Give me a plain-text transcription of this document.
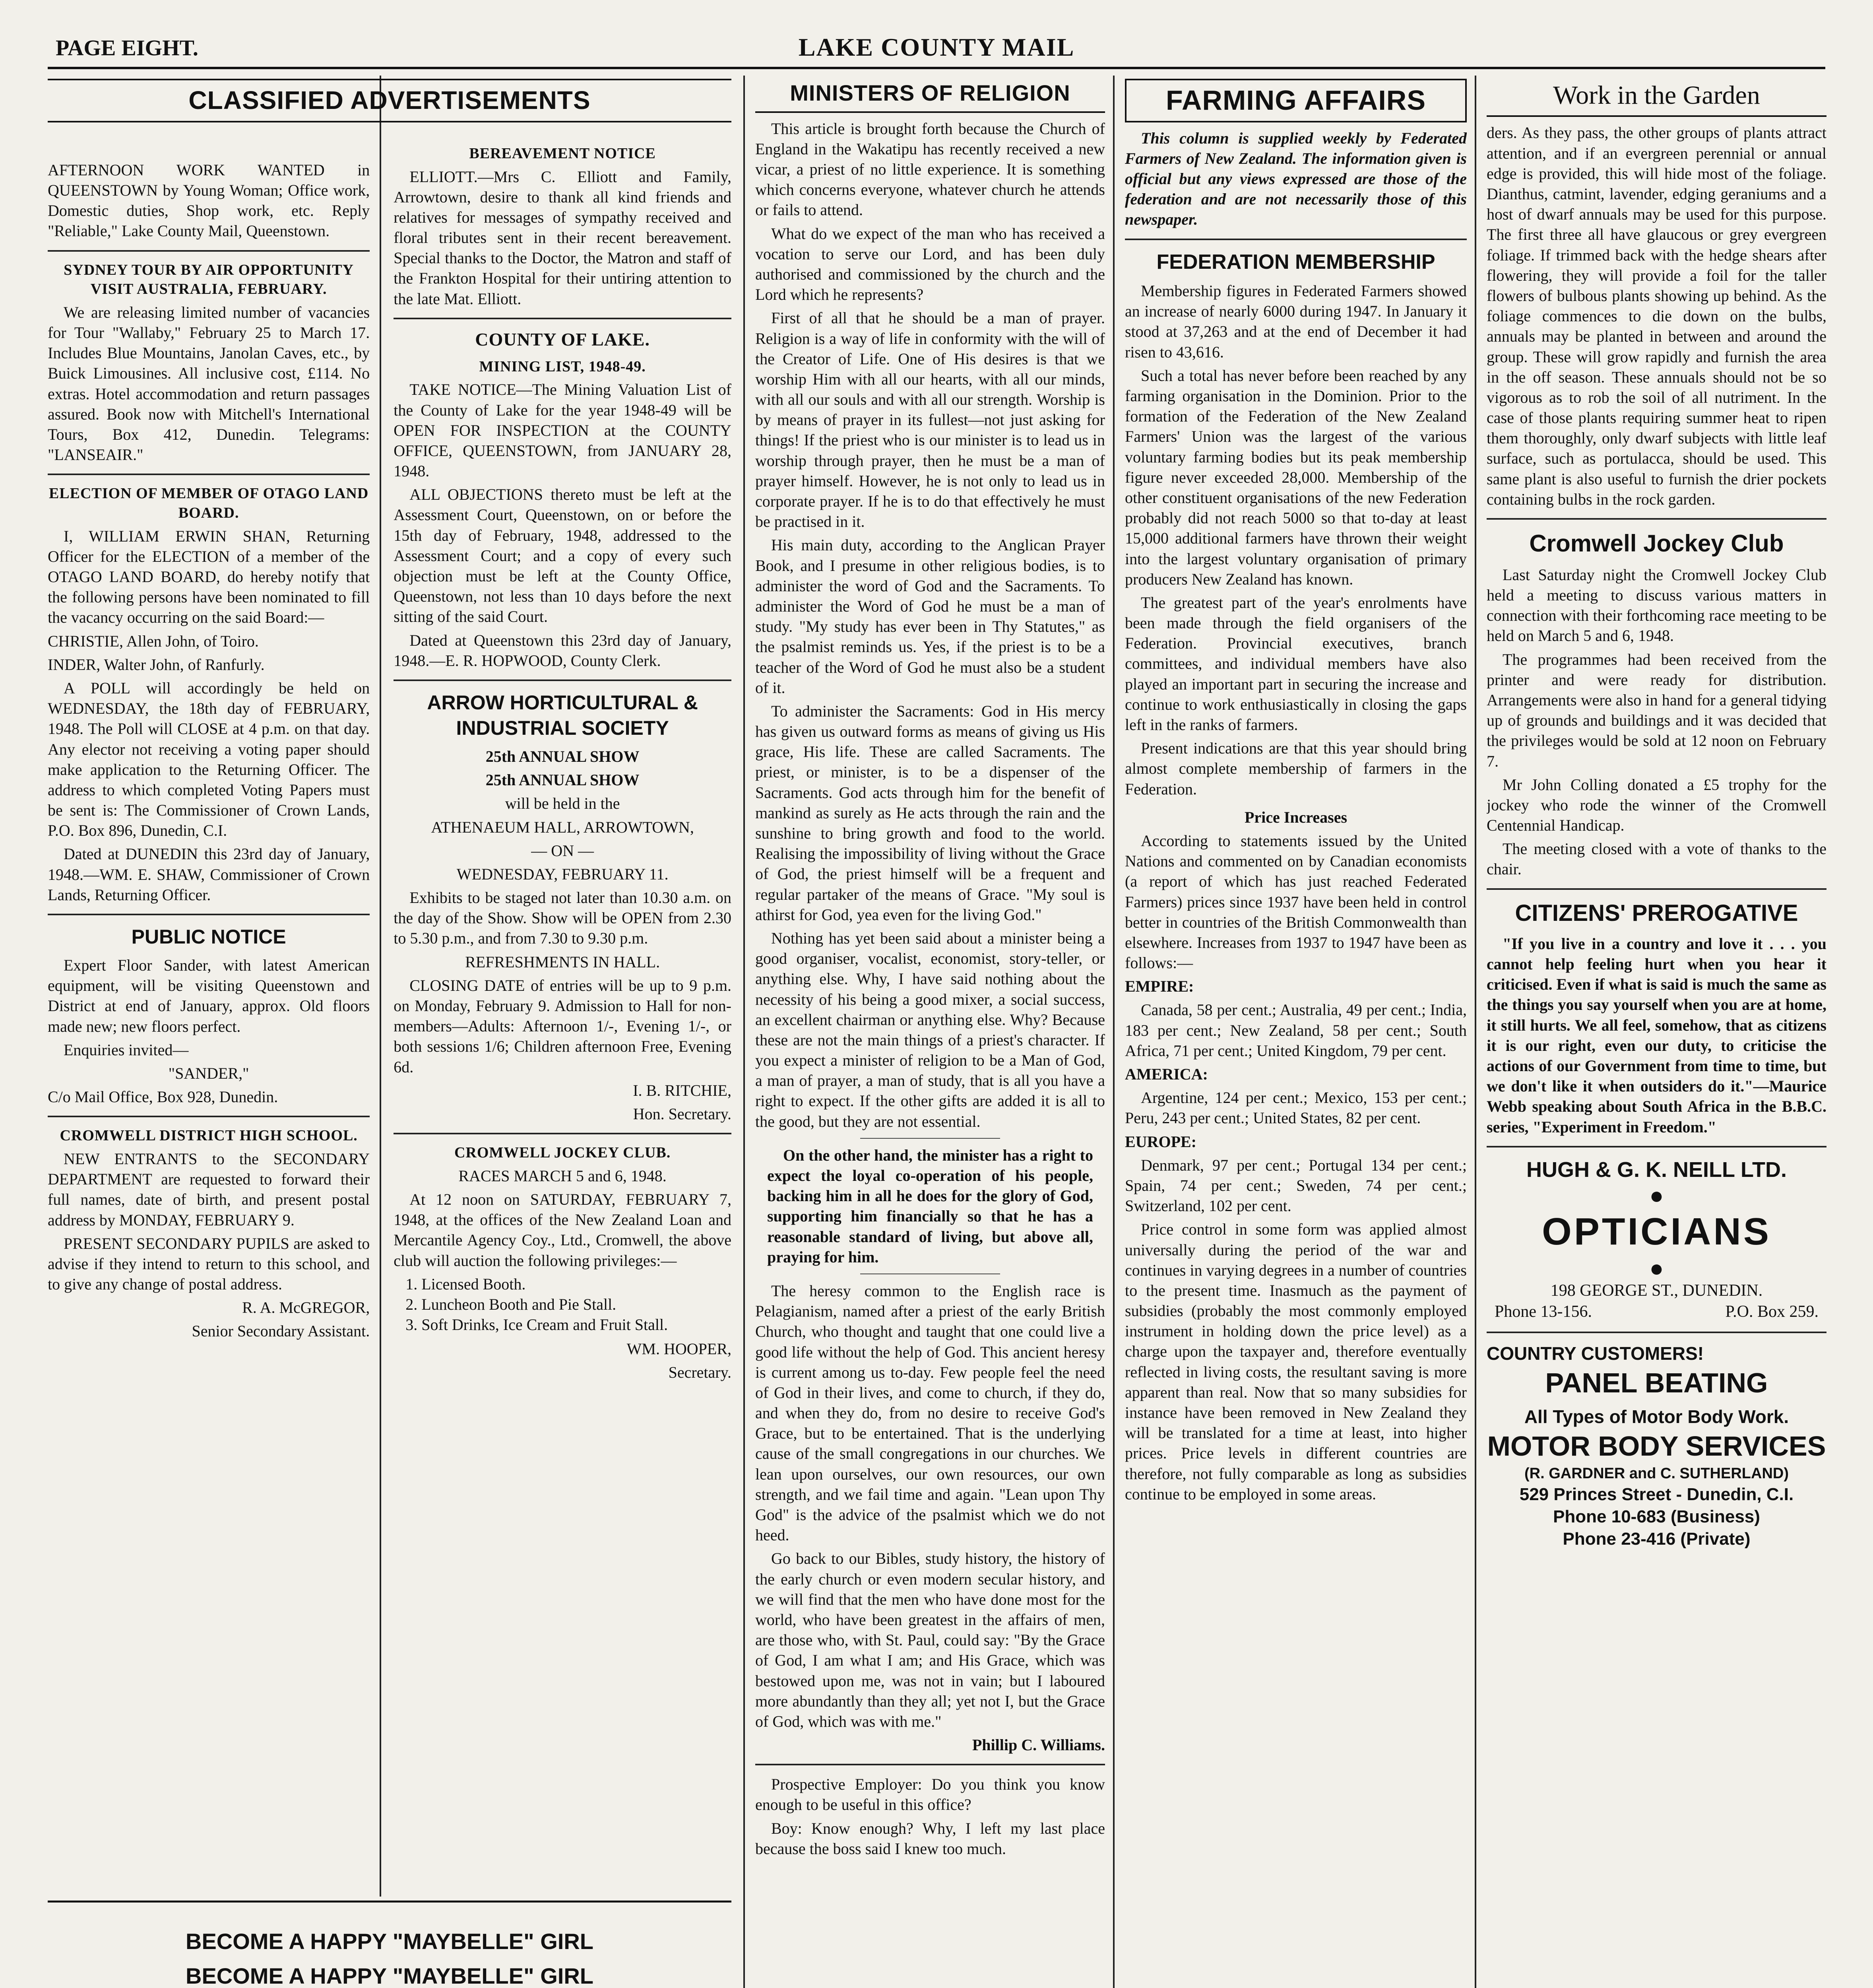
PAGE EIGHT.	LAKE COUNTY MAIL
CLASSIFIED ADVERTISEMENTS

AFTERNOON WORK WANTED in QUEENSTOWN by Young Woman; Office work, Domestic duties, Shop work, etc. Reply "Reliable," Lake County Mail, Queenstown.

SYDNEY TOUR BY AIR OPPORTUNITY VISIT AUSTRALIA, FEBRUARY.

We are releasing limited number of vacancies for Tour "Wallaby," February 25 to March 17. Includes Blue Mountains, Janolan Caves, etc., by Buick Limousines. All inclusive cost, £114. No extras. Hotel accommodation and return passages assured. Book now with Mitchell's International Tours, Box 412, Dunedin. Telegrams: "LANSEAIR."

ELECTION OF MEMBER OF OTAGO LAND BOARD.

I, WILLIAM ERWIN SHAN, Returning Officer for the ELECTION of a member of the OTAGO LAND BOARD, do hereby notify that the following persons have been nominated to fill the vacancy occurring on the said Board:—

CHRISTIE, Allen John, of Toiro.

INDER, Walter John, of Ranfurly.

A POLL will accordingly be held on WEDNESDAY, the 18th day of FEBRUARY, 1948. The Poll will CLOSE at 4 p.m. on that day. Any elector not receiving a voting paper should make application to the Returning Officer. The address to which completed Voting Papers must be sent is: The Commissioner of Crown Lands, P.O. Box 896, Dunedin, C.I.

Dated at DUNEDIN this 23rd day of January, 1948.—WM. E. SHAW, Commissioner of Crown Lands, Returning Officer.

PUBLIC NOTICE

Expert Floor Sander, with latest American equipment, will be visiting Queenstown and District at end of January, approx. Old floors made new; new floors perfect.

Enquiries invited—

"SANDER,"

C/o Mail Office, Box 928, Dunedin.

CROMWELL DISTRICT HIGH SCHOOL.

NEW ENTRANTS to the SECONDARY DEPARTMENT are requested to forward their full names, date of birth, and present postal address by MONDAY, FEBRUARY 9.

PRESENT SECONDARY PUPILS are asked to advise if they intend to return to this school, and to give any change of postal address.

R. A. McGREGOR,

Senior Secondary Assistant.

BEREAVEMENT NOTICE

ELLIOTT.—Mrs C. Elliott and Family, Arrowtown, desire to thank all kind friends and relatives for messages of sympathy received and floral tributes sent in their recent bereavement. Special thanks to the Doctor, the Matron and staff of the Frankton Hospital for their untiring attention to the late Mat. Elliott.

COUNTY OF LAKE.
MINING LIST, 1948-49.

TAKE NOTICE—The Mining Valuation List of the County of Lake for the year 1948-49 will be OPEN FOR INSPECTION at the COUNTY OFFICE, QUEENSTOWN, from JANUARY 28, 1948.

ALL OBJECTIONS thereto must be left at the Assessment Court, Queenstown, on or before the 15th day of February, 1948, addressed to the Assessment Court; and a copy of every such objection must be left at the County Office, Queenstown, not less than 10 days before the next sitting of the said Court.

Dated at Queenstown this 23rd day of January, 1948.—E. R. HOPWOOD, County Clerk.

ARROW HORTICULTURAL & INDUSTRIAL SOCIETY

25th ANNUAL SHOW

25th ANNUAL SHOW

will be held in the

ATHENAEUM HALL, ARROWTOWN,

— ON —

WEDNESDAY, FEBRUARY 11.

Exhibits to be staged not later than 10.30 a.m. on the day of the Show. Show will be OPEN from 2.30 to 5.30 p.m., and from 7.30 to 9.30 p.m.

REFRESHMENTS IN HALL.

CLOSING DATE of entries will be up to 9 p.m. on Monday, February 9. Admission to Hall for non-members—Adults: Afternoon 1/-, Evening 1/-, or both sessions 1/6; Children afternoon Free, Evening 6d.

I. B. RITCHIE,

Hon. Secretary.

CROMWELL JOCKEY CLUB.

RACES MARCH 5 and 6, 1948.

At 12 noon on SATURDAY, FEBRUARY 7, 1948, at the offices of the New Zealand Loan and Mercantile Agency Coy., Ltd., Cromwell, the above club will auction the following privileges:—

1. Licensed Booth.
2. Luncheon Booth and Pie Stall.
3. Soft Drinks, Ice Cream and Fruit Stall.

WM. HOOPER,

Secretary.

BECOME A HAPPY "MAYBELLE" GIRL
BECOME A HAPPY "MAYBELLE" GIRL

MINISTERS OF RELIGION

This article is brought forth because the Church of England in the Wakatipu has recently received a new vicar, a priest of no little experience. It is something which concerns everyone, whatever church he attends or fails to attend.

What do we expect of the man who has received a vocation to serve our Lord, and has been duly authorised and commissioned by the church and the Lord which he represents?

First of all that he should be a man of prayer. Religion is a way of life in conformity with the will of the Creator of Life. One of His desires is that we worship Him with all our hearts, with all our minds, with all our souls and with all our strength. Worship is by means of prayer in its fullest—not just asking for things! If the priest who is our minister is to lead us in worship through prayer, then he must be a man of prayer himself. However, he is not only to lead us in corporate prayer. If he is to do that effectively he must be practised in it.

His main duty, according to the Anglican Prayer Book, and I presume in other religious bodies, is to administer the word of God and the Sacraments. To administer the Word of God he must be a man of study. "My study has ever been in Thy Statutes," as the psalmist reminds us. Yes, if the priest is to be a teacher of the Word of God he must also be a student of it.

To administer the Sacraments: God in His mercy has given us outward forms as means of giving us His grace, His life. These are called Sacraments. The priest, or minister, is to be a dispenser of the Sacraments. God acts through him for the benefit of mankind as surely as He acts through the rain and the sunshine to bring growth and food to the world. Realising the impossibility of living without the Grace of God, the priest himself will be a frequent and regular partaker of the means of Grace. "My soul is athirst for God, yea even for the living God."

Nothing has yet been said about a minister being a good organiser, vocalist, economist, story-teller, or anything else. Why, I have said nothing about the necessity of his being a good mixer, a social success, an excellent chairman or anything else. Why? Because these are not the main things of a priest's character. If you expect a minister of religion to be a Man of God, a man of prayer, a man of study, that is all you have a right to expect. If the other gifts are added it is all to the good, but they are not essential.

On the other hand, the minister has a right to expect the loyal co-operation of his people, backing him in all he does for the glory of God, supporting him financially so that he has a reasonable standard of living, but above all, praying for him.

The heresy common to the English race is Pelagianism, named after a priest of the early British Church, who thought and taught that one could live a good life without the help of God. This ancient heresy is current among us to-day. Few people feel the need of God in their lives, and come to church, if they do, and when they do, from no desire to receive God's Grace, but to be entertained. That is the underlying cause of the small congregations in our churches. We lean upon ourselves, our own resources, our own strength, and we fail time and again. "Lean upon Thy God" is the advice of the psalmist which we do not heed.

Go back to our Bibles, study history, the history of the early church or even modern secular history, and we will find that the men who have done most for the world, who have been greatest in the affairs of men, are those who, with St. Paul, could say: "By the Grace of God, I am what I am; and His Grace, which was bestowed upon me, was not in vain; but I laboured more abundantly than they all; yet not I, but the Grace of God, which was with me."

Phillip C. Williams.

Prospective Employer: Do you think you know enough to be useful in this office?

Boy: Know enough? Why, I left my last place because the boss said I knew too much.

FARMING AFFAIRS

This column is supplied weekly by Federated Farmers of New Zealand. The information given is official but any views expressed are those of the federation and are not necessarily those of this newspaper.

FEDERATION MEMBERSHIP

Membership figures in Federated Farmers showed an increase of nearly 6000 during 1947. In January it stood at 37,263 and at the end of December it had risen to 43,616.

Such a total has never before been reached by any farming organisation in the Dominion. Prior to the formation of the Federation of the New Zealand Farmers' Union was the largest of the various voluntary farming bodies but its peak membership figure never exceeded 28,000. Membership of the other constituent organisations of the new Federation probably did not reach 5000 so that to-day at least 15,000 additional farmers have thrown their weight into the largest voluntary organisation of primary producers New Zealand has known.

The greatest part of the year's enrolments have been made through the field organisers of the Federation. Provincial executives, branch committees, and individual members have also played an important part in securing the increase and continue to work enthusiastically in closing the gaps left in the ranks of farmers.

Present indications are that this year should bring almost complete membership of farmers in the Federation.

Price Increases

According to statements issued by the United Nations and commented on by Canadian economists (a report of which has just reached Federated Farmers) prices since 1937 have been held in control better in countries of the British Commonwealth than elsewhere. Increases from 1937 to 1947 have been as follows:—

EMPIRE:

Canada, 58 per cent.; Australia, 49 per cent.; India, 183 per cent.; New Zealand, 58 per cent.; South Africa, 71 per cent.; United Kingdom, 79 per cent.

AMERICA:

Argentine, 124 per cent.; Mexico, 153 per cent.; Peru, 243 per cent.; United States, 82 per cent.

EUROPE:

Denmark, 97 per cent.; Portugal 134 per cent.; Spain, 74 per cent.; Sweden, 74 per cent.; Switzerland, 102 per cent.

Price control in some form was applied almost universally during the period of the war and continues in varying degrees in a number of countries to the present time. Inasmuch as the payment of subsidies (probably the most commonly employed instrument in holding down the price level) as a charge upon the taxpayer and, therefore eventually reflected in living costs, the resultant saving is more apparent than real. Now that so many subsidies for instance have been removed in New Zealand they will be translated for a time at least, into higher prices. Price levels in different countries are therefore, not fully comparable as long as subsidies continue to be employed in some areas.

Work in the Garden

ders. As they pass, the other groups of plants attract attention, and if an evergreen perennial or annual edge is provided, this will hide most of the foliage. Dianthus, catmint, lavender, edging geraniums and a host of dwarf annuals may be used for this purpose. The first three all have glaucous or grey evergreen foliage. If trimmed back with the hedge shears after flowering, they will provide a foil for the taller flowers of bulbous plants showing up behind. As the foliage commences to die down on the bulbs, annuals may be planted in between and around the group. These will grow rapidly and furnish the area in the off season. These annuals should not be so vigorous as to rob the soil of all nutriment. In the case of those plants requiring summer heat to ripen them thoroughly, only dwarf subjects with little leaf surface, such as portulacca, should be used. This same plant is also useful to furnish the drier pockets containing bulbs in the rock garden.

Cromwell Jockey Club

Last Saturday night the Cromwell Jockey Club held a meeting to discuss various matters in connection with their forthcoming race meeting to be held on March 5 and 6, 1948.

The programmes had been received from the printer and were ready for distribution. Arrangements were also in hand for a general tidying up of grounds and buildings and it was decided that the privileges would be sold at 12 noon on February 7.

Mr John Colling donated a £5 trophy for the jockey who rode the winner of the Cromwell Centennial Handicap.

The meeting closed with a vote of thanks to the chair.

CITIZENS' PREROGATIVE

"If you live in a country and love it . . . you cannot help feeling hurt when you hear it criticised. Even if what is said is much the same as the things you say yourself when you are at home, it still hurts. We all feel, somehow, that as citizens it is our right, even our duty, to criticise the actions of our Government from time to time, but we don't like it when outsiders do it."—Maurice Webb speaking about South Africa in the B.B.C. series, "Experiment in Freedom."

HUGH & G. K. NEILL LTD.
●
OPTICIANS
●
198 GEORGE ST., DUNEDIN.
Phone 13-156.	P.O. Box 259.
COUNTRY CUSTOMERS!
PANEL BEATING
All Types of Motor Body Work.
MOTOR BODY SERVICES
(R. GARDNER and C. SUTHERLAND)
529 Princes Street - Dunedin, C.I.
Phone 10-683 (Business)
Phone 23-416 (Private)
